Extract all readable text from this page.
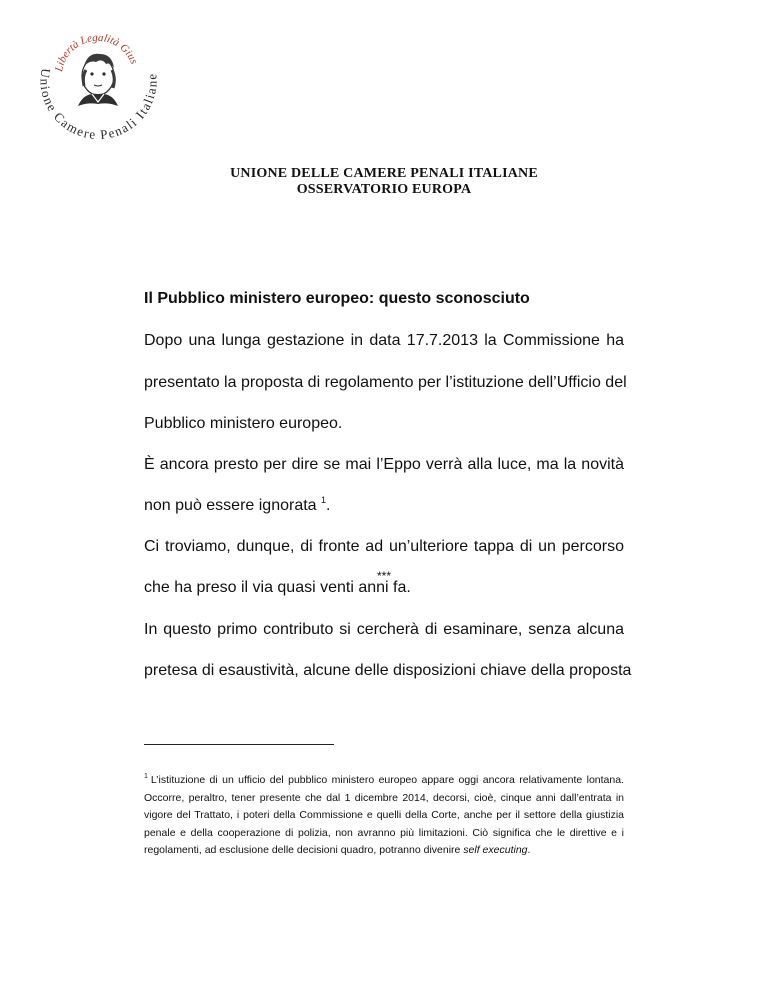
Libertà Legalità Gius
Unione Camere Penali Italiane
UNIONE DELLE CAMERE PENALI ITALIANE
OSSERVATORIO EUROPA
Il Pubblico ministero europeo: questo sconosciuto
Dopo una lunga gestazione in data 17.7.2013 la Commissione ha
presentato la proposta di regolamento per l’istituzione dell’Ufficio del
Pubblico ministero europeo.
È ancora presto per dire se mai l’Eppo verrà alla luce, ma la novità
non può essere ignorata $^1$.
Ci troviamo, dunque, di fronte ad un’ulteriore tappa di un percorso
che ha preso il via quasi venti anni fa.
***
In questo primo contributo si cercherà di esaminare, senza alcuna
pretesa di esaustività, alcune delle disposizioni chiave della proposta

$^1$ L’istituzione di un ufficio del pubblico ministero europeo appare oggi ancora relativamente lontana. Occorre, peraltro, tener presente che dal 1 dicembre 2014, decorsi, cioè, cinque anni dall’entrata in vigore del Trattato, i poteri della Commissione e quelli della Corte, anche per il settore della giustizia penale e della cooperazione di polizia, non avranno più limitazioni. Ciò significa che le direttive e i regolamenti, ad esclusione delle decisioni quadro, potranno divenire self executing.
